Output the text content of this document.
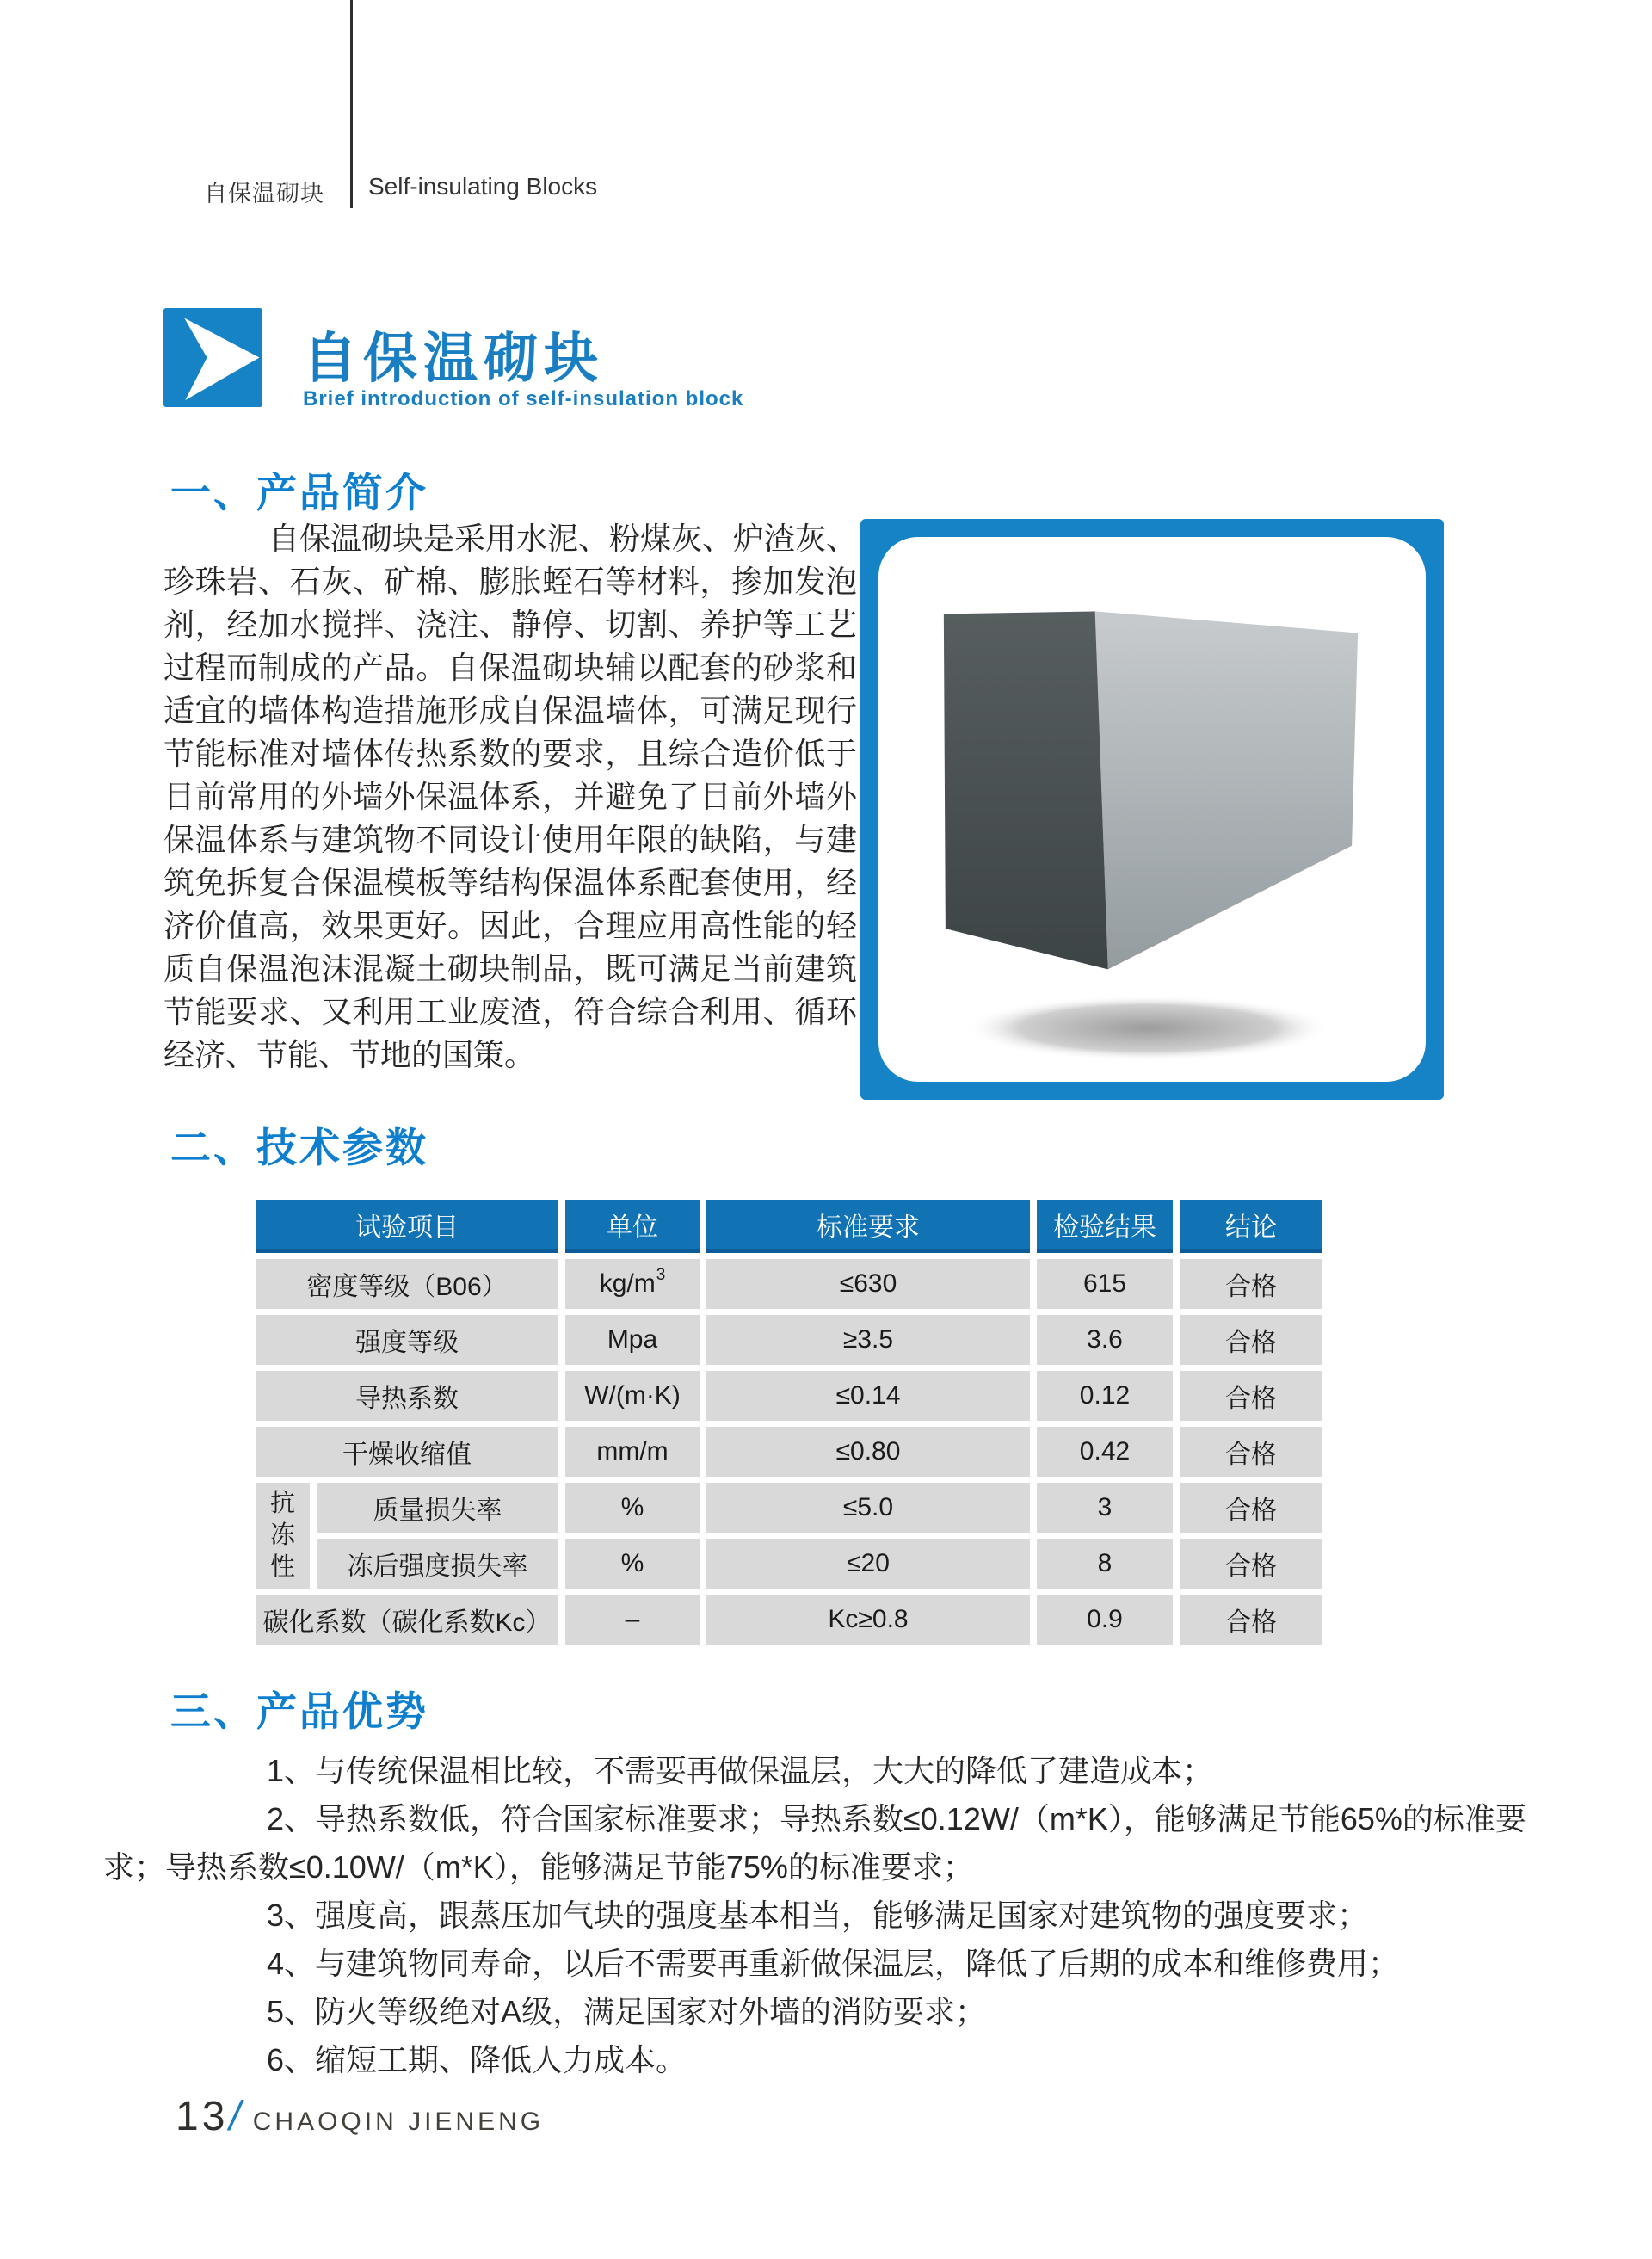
自保温砌块 Self-insulating Blocks
自保温砌块
Brief introduction of self-insulation block
一、产品简介
自保温砌块是采用水泥、粉煤灰、炉渣灰、珍珠岩、石灰、矿棉、膨胀蛭石等材料，掺加发泡剂，经加水搅拌、浇注、静停、切割、养护等工艺过程而制成的产品。自保温砌块辅以配套的砂浆和适宜的墙体构造措施形成自保温墙体，可满足现行节能标准对墙体传热系数的要求，且综合造价低于目前常用的外墙外保温体系，并避免了目前外墙外保温体系与建筑物不同设计使用年限的缺陷，与建筑免拆复合保温模板等结构保温体系配套使用，经济价值高，效果更好。因此，合理应用高性能的轻质自保温泡沫混凝土砌块制品，既可满足当前建筑节能要求、又利用工业废渣，符合综合利用、循环经济、节能、节地的国策。
二、技术参数
试验项目	单位	标准要求	检验结果	结论
密度等级（B06）	$kg/m^3$	≤630	615	合格
强度等级	Mpa	≥3.5	3.6	合格
导热系数	W/(m·K)	≤0.14	0.12	合格
干燥收缩值	mm/m	≤0.80	0.42	合格
抗冻性
质量损失率	%	≤5.0	3	合格
冻后强度损失率	%	≤20	8	合格
碳化系数（碳化系数Kc）	–	Kc≥0.8	0.9	合格
三、产品优势

1、与传统保温相比较，不需要再做保温层，大大的降低了建造成本；

2、导热系数低，符合国家标准要求；导热系数≤0.12W/（m*K），能够满足节能65%的标准要求；导热系数≤0.10W/（m*K），能够满足节能75%的标准要求；

3、强度高，跟蒸压加气块的强度基本相当，能够满足国家对建筑物的强度要求；

4、与建筑物同寿命，以后不需要再重新做保温层，降低了后期的成本和维修费用；

5、防火等级绝对A级，满足国家对外墙的消防要求；

6、缩短工期、降低人力成本。

13 / CHAOQIN JIENENG
